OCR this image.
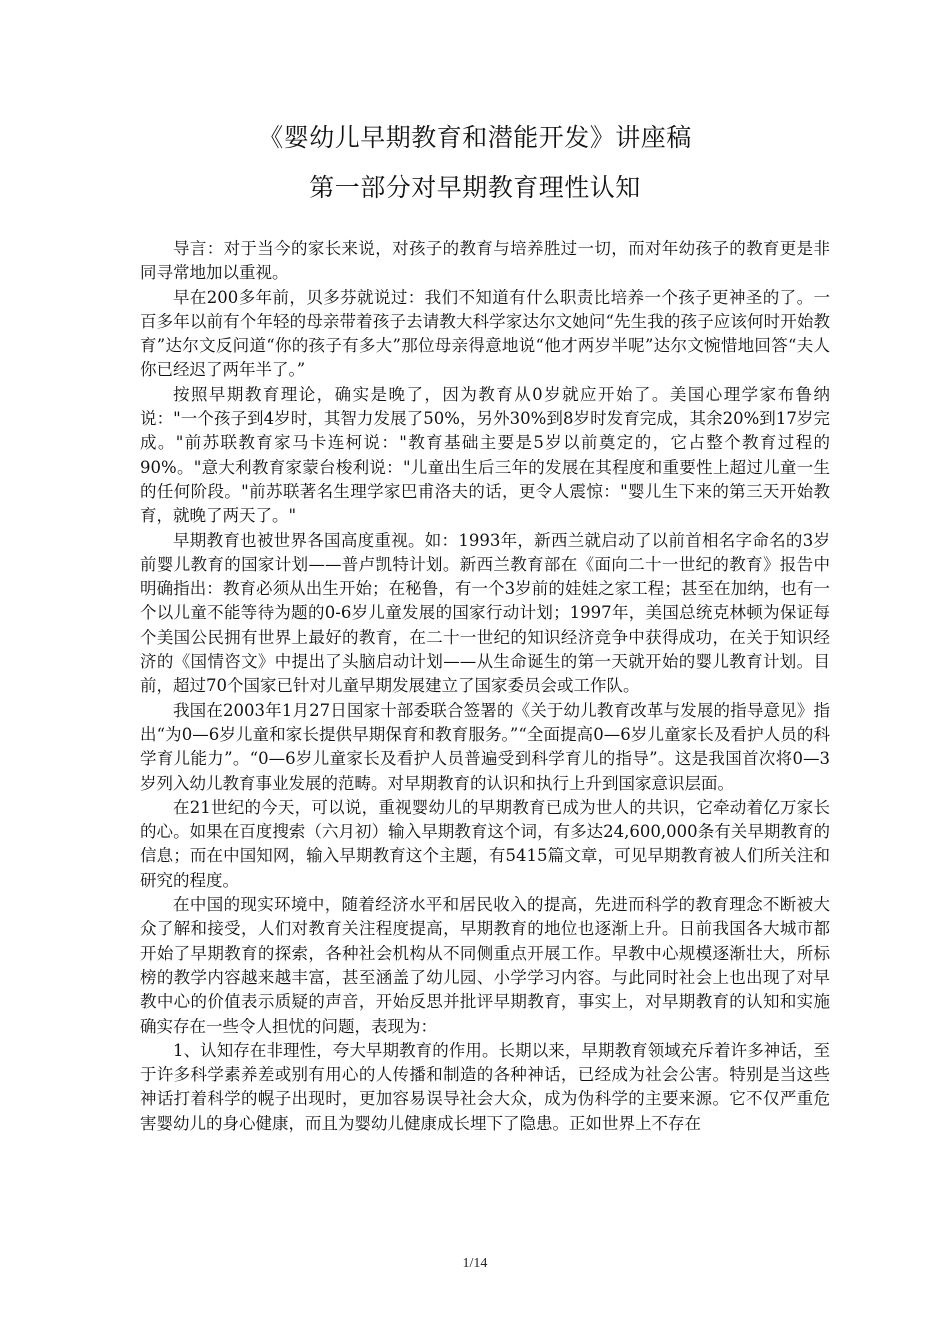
《婴幼儿早期教育和潜能开发》讲座稿
第一部分对早期教育理性认知

导言：对于当今的家长来说，对孩子的教育与培养胜过一切，而对年幼孩子的教育更是非同寻常地加以重视。

早在200多年前，贝多芬就说过：我们不知道有什么职责比培养一个孩子更神圣的了。一百多年以前有个年轻的母亲带着孩子去请教大科学家达尔文她问“先生我的孩子应该何时开始教育”达尔文反问道“你的孩子有多大”那位母亲得意地说“他才两岁半呢”达尔文惋惜地回答“夫人你已经迟了两年半了。”

按照早期教育理论，确实是晚了，因为教育从0岁就应开始了。美国心理学家布鲁纳说："一个孩子到4岁时，其智力发展了50%，另外30%到8岁时发育完成，其余20%到17岁完成。"前苏联教育家马卡连柯说："教育基础主要是5岁以前奠定的，它占整个教育过程的90%。"意大利教育家蒙台梭利说："儿童出生后三年的发展在其程度和重要性上超过儿童一生的任何阶段。"前苏联著名生理学家巴甫洛夫的话，更令人震惊："婴儿生下来的第三天开始教育，就晚了两天了。"

早期教育也被世界各国高度重视。如：1993年，新西兰就启动了以前首相名字命名的3岁前婴儿教育的国家计划——普卢凯特计划。新西兰教育部在《面向二十一世纪的教育》报告中明确指出：教育必须从出生开始；在秘鲁，有一个3岁前的娃娃之家工程；甚至在加纳，也有一个以儿童不能等待为题的0-6岁儿童发展的国家行动计划；1997年，美国总统克林顿为保证每个美国公民拥有世界上最好的教育，在二十一世纪的知识经济竞争中获得成功，在关于知识经济的《国情咨文》中提出了头脑启动计划——从生命诞生的第一天就开始的婴儿教育计划。目前，超过70个国家已针对儿童早期发展建立了国家委员会或工作队。

我国在2003年1月27日国家十部委联合签署的《关于幼儿教育改革与发展的指导意见》指出“为0—6岁儿童和家长提供早期保育和教育服务。”“全面提高0—6岁儿童家长及看护人员的科学育儿能力”。“0—6岁儿童家长及看护人员普遍受到科学育儿的指导”。这是我国首次将0—3岁列入幼儿教育事业发展的范畴。对早期教育的认识和执行上升到国家意识层面。

在21世纪的今天，可以说，重视婴幼儿的早期教育已成为世人的共识，它牵动着亿万家长的心。如果在百度搜索（六月初）输入早期教育这个词，有多达24,600,000条有关早期教育的信息；而在中国知网，输入早期教育这个主题，有5415篇文章，可见早期教育被人们所关注和研究的程度。

在中国的现实环境中，随着经济水平和居民收入的提高，先进而科学的教育理念不断被大众了解和接受，人们对教育关注程度提高，早期教育的地位也逐渐上升。日前我国各大城市都开始了早期教育的探索，各种社会机构从不同侧重点开展工作。早教中心规模逐渐壮大，所标榜的教学内容越来越丰富，甚至涵盖了幼儿园、小学学习内容。与此同时社会上也出现了对早教中心的价值表示质疑的声音，开始反思并批评早期教育，事实上，对早期教育的认知和实施确实存在一些令人担忧的问题，表现为：

1、认知存在非理性，夸大早期教育的作用。长期以来，早期教育领域充斥着许多神话，至于许多科学素养差或别有用心的人传播和制造的各种神话，已经成为社会公害。特别是当这些神话打着科学的幌子出现时，更加容易误导社会大众，成为伪科学的主要来源。它不仅严重危害婴幼儿的身心健康，而且为婴幼儿健康成长埋下了隐患。正如世界上不存在

1/14
